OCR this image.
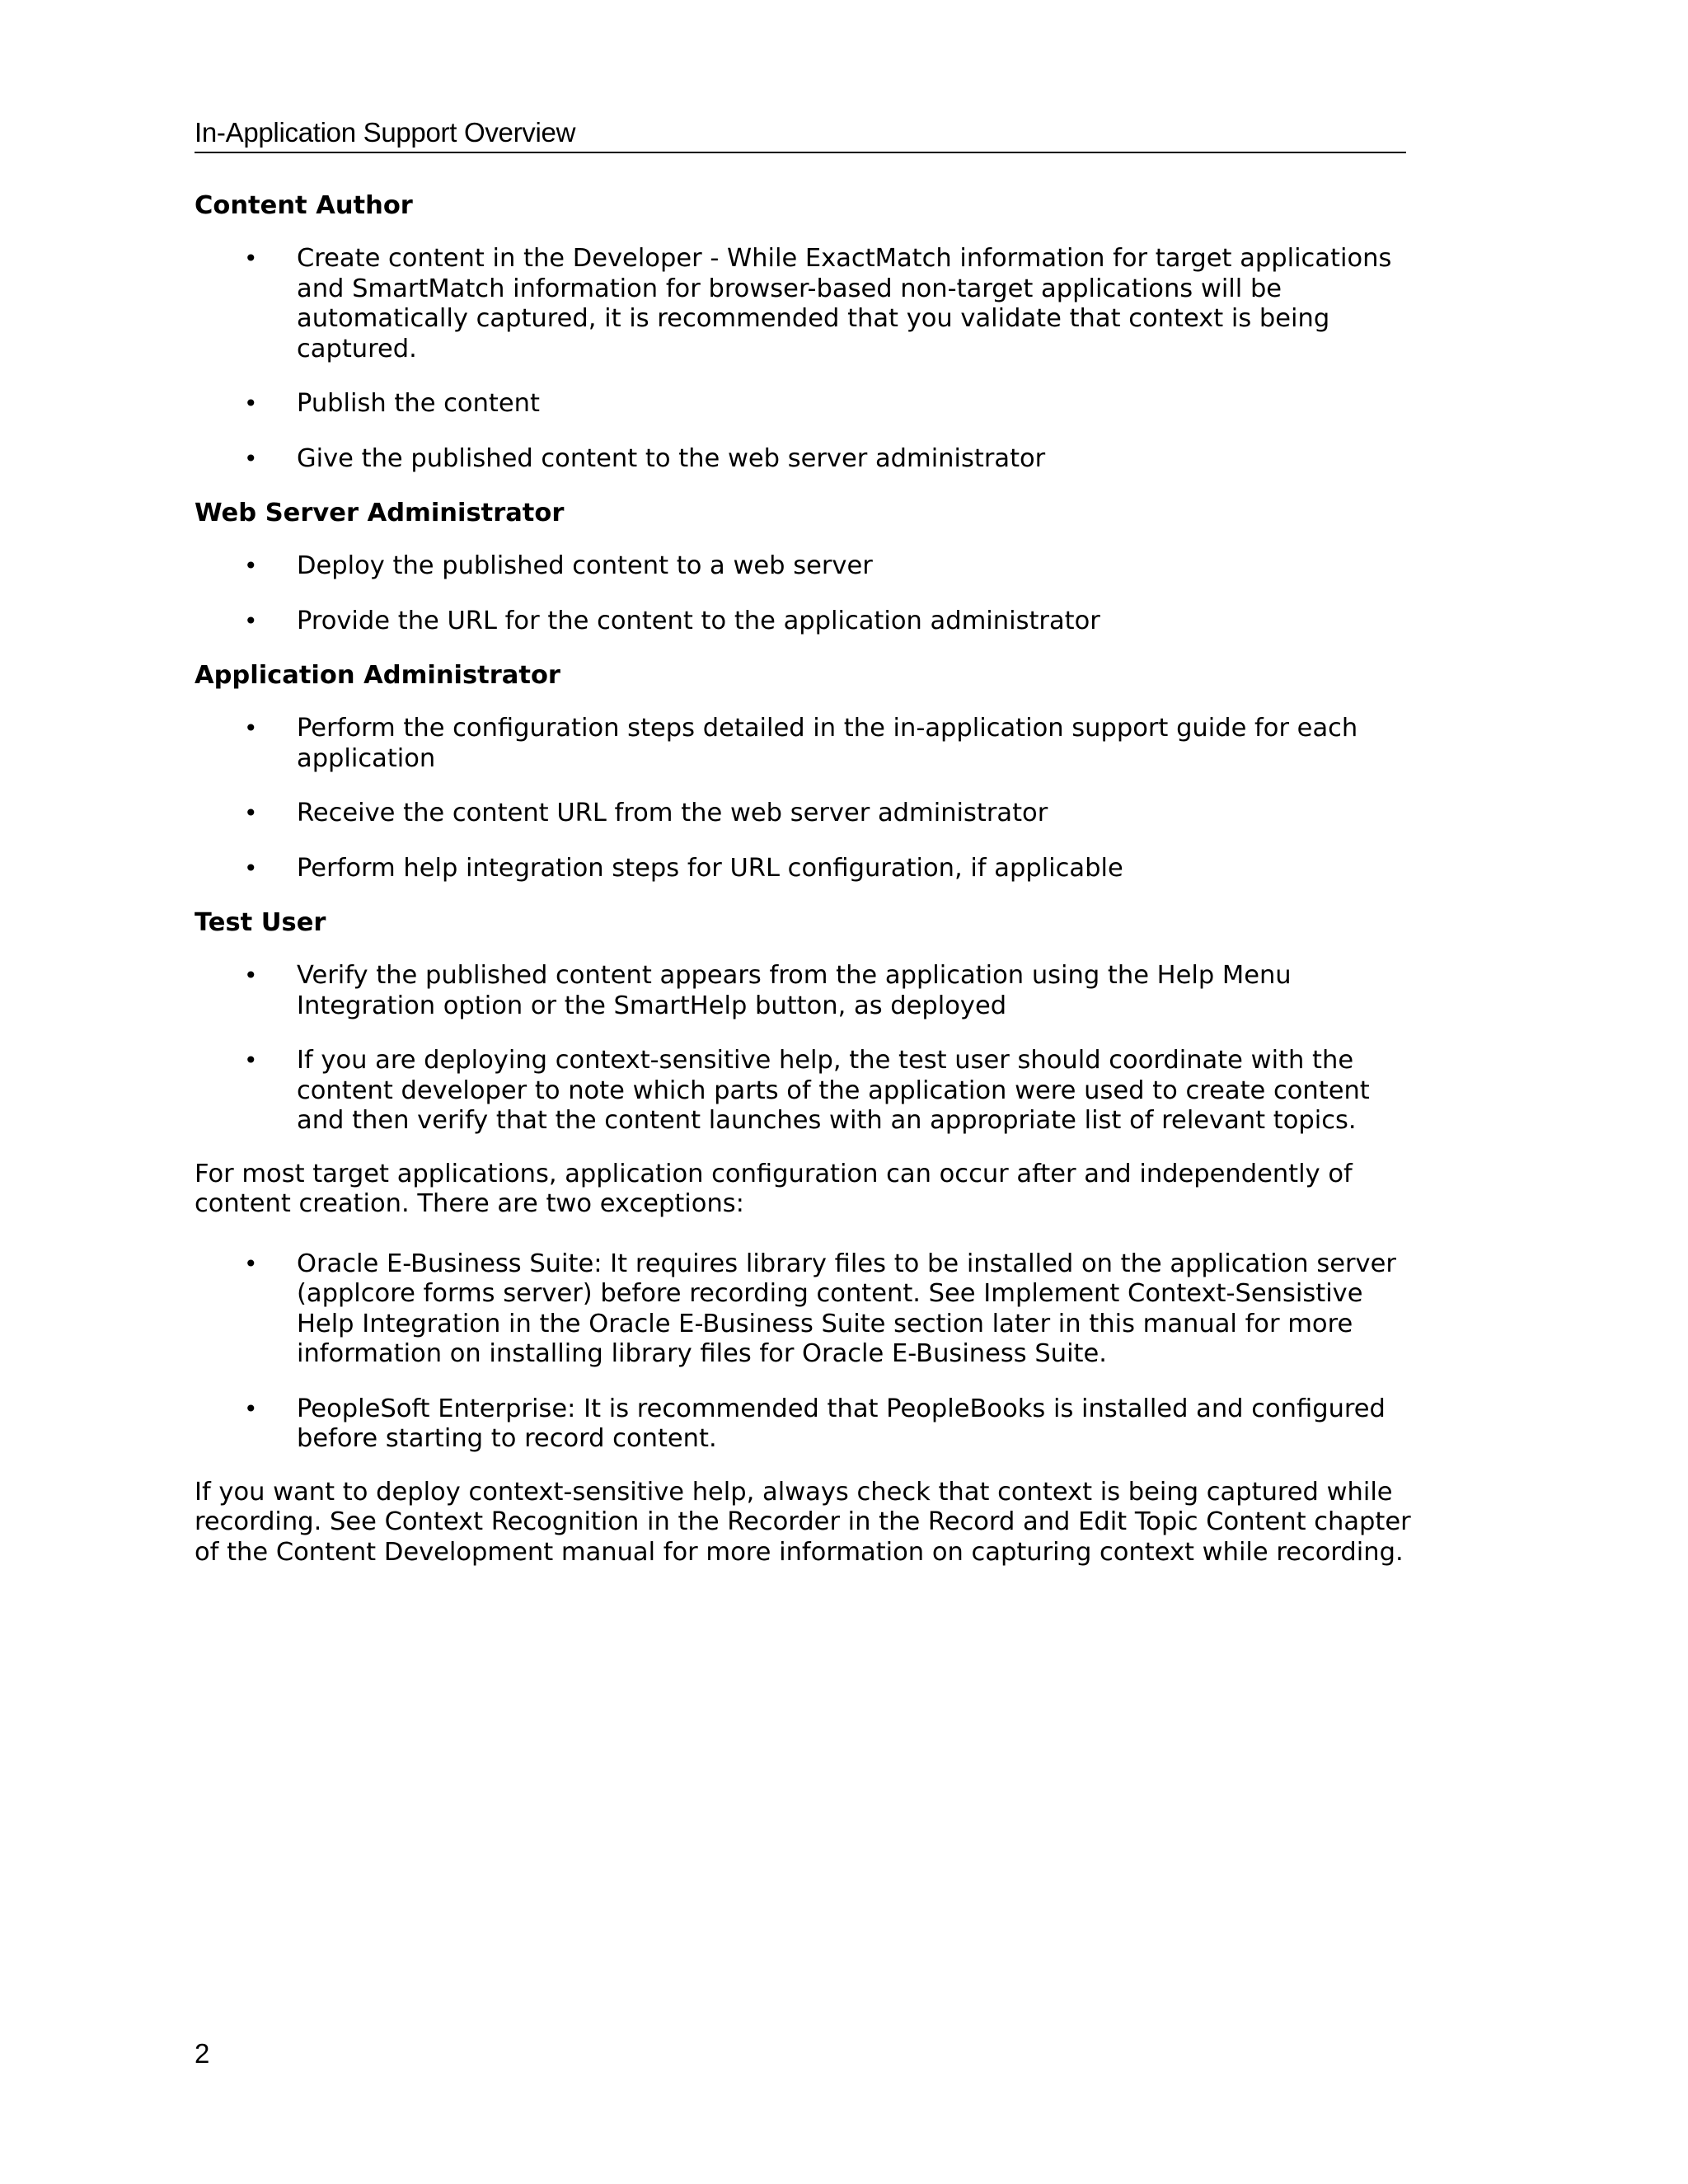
In-Application Support Overview
Content Author
• Create content in the Developer - While ExactMatch information for target applications and SmartMatch information for browser-based non-target applications will be automatically captured, it is recommended that you validate that context is being captured.
• Publish the content
• Give the published content to the web server administrator
Web Server Administrator
• Deploy the published content to a web server
• Provide the URL for the content to the application administrator
Application Administrator
• Perform the configuration steps detailed in the in-application support guide for each application
• Receive the content URL from the web server administrator
• Perform help integration steps for URL configuration, if applicable
Test User
• Verify the published content appears from the application using the Help Menu Integration option or the SmartHelp button, as deployed
• If you are deploying context-sensitive help, the test user should coordinate with the content developer to note which parts of the application were used to create content and then verify that the content launches with an appropriate list of relevant topics.

For most target applications, application configuration can occur after and independently of content creation. There are two exceptions:

• Oracle E-Business Suite: It requires library files to be installed on the application server (applcore forms server) before recording content. See Implement Context-Sensistive Help Integration in the Oracle E-Business Suite section later in this manual for more information on installing library files for Oracle E-Business Suite.
• PeopleSoft Enterprise: It is recommended that PeopleBooks is installed and configured before starting to record content.

If you want to deploy context-sensitive help, always check that context is being captured while recording. See Context Recognition in the Recorder in the Record and Edit Topic Content chapter of the Content Development manual for more information on capturing context while recording.

2
